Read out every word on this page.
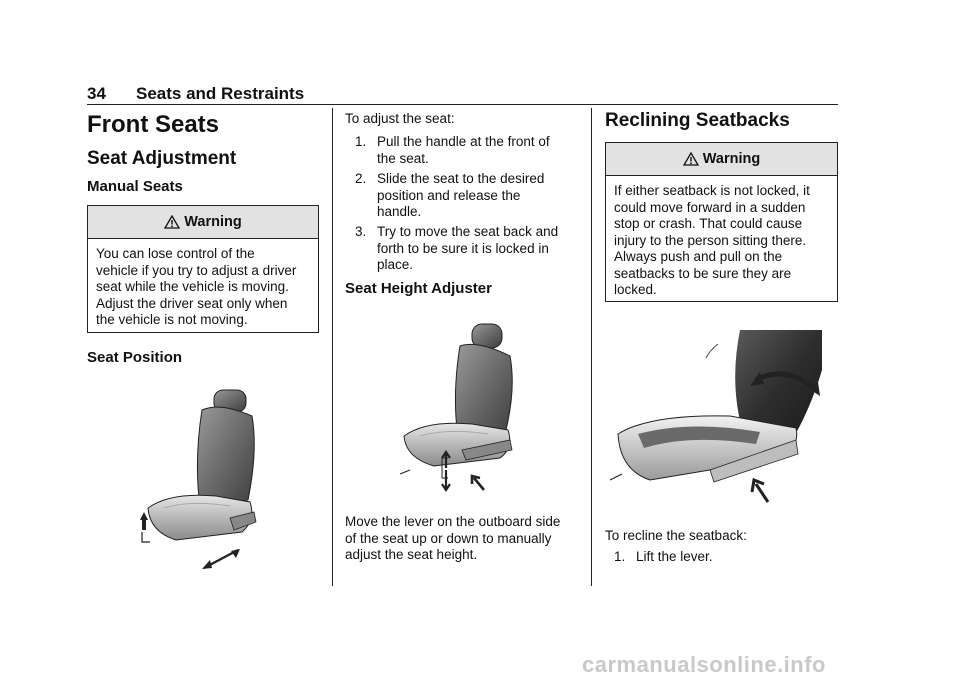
34 Seats and Restraints
Front Seats
Seat Adjustment
Manual Seats
Warning
You can lose control of the
vehicle if you try to adjust a driver
seat while the vehicle is moving.
Adjust the driver seat only when
the vehicle is not moving.
Seat Position
To adjust the seat:
1. Pull the handle at the front of
the seat.
2. Slide the seat to the desired
position and release the
handle.
3. Try to move the seat back and
forth to be sure it is locked in
place.
Seat Height Adjuster
Move the lever on the outboard side
of the seat up or down to manually
adjust the seat height.
Reclining Seatbacks
Warning
If either seatback is not locked, it
could move forward in a sudden
stop or crash. That could cause
injury to the person sitting there.
Always push and pull on the
seatbacks to be sure they are
locked.
To recline the seatback:
1. Lift the lever.
carmanualsonline.info
